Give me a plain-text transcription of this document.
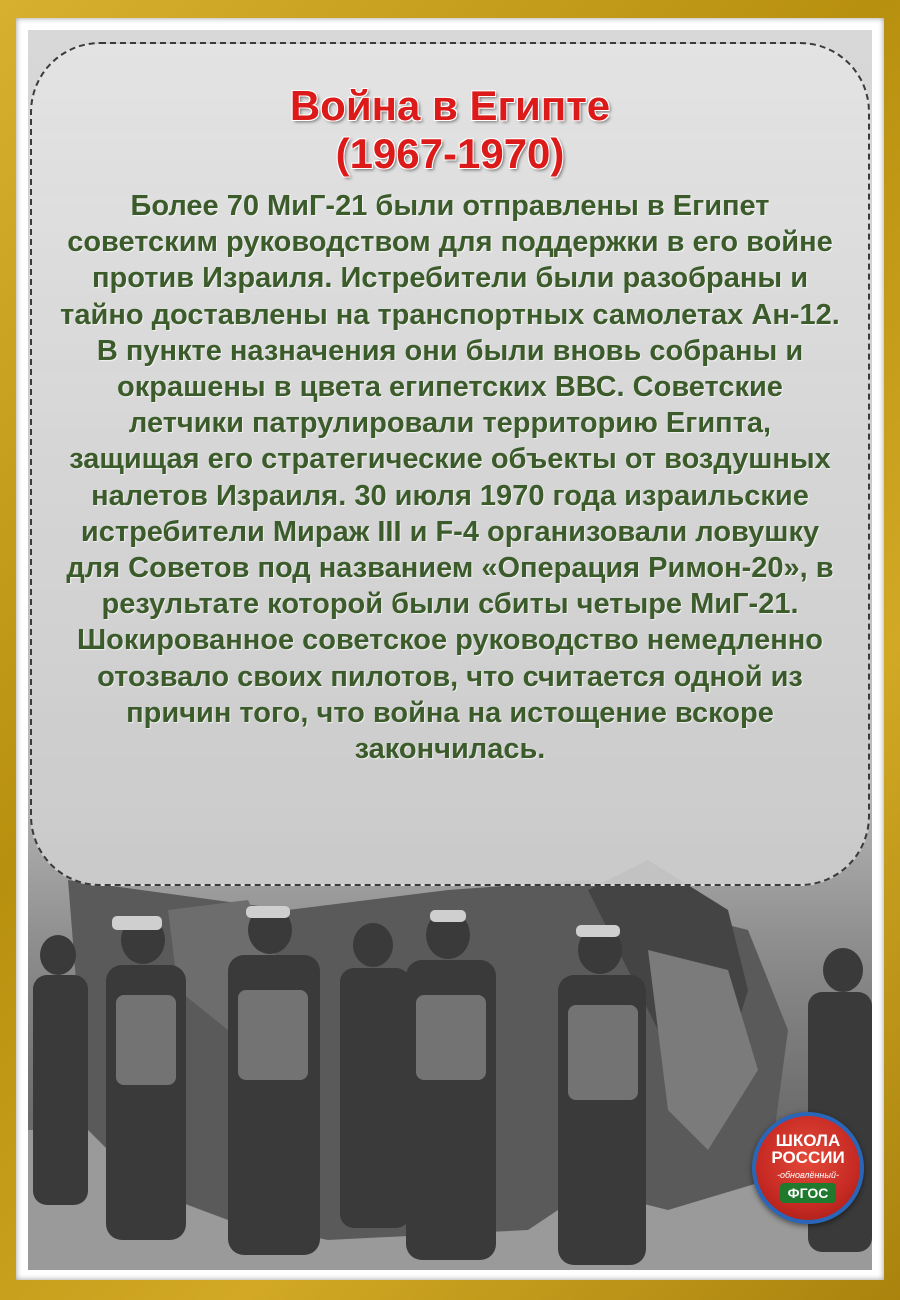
Война в Египте
(1967-1970)

Более 70 МиГ-21 были отправлены в Египет советским руководством для поддержки в его войне против Израиля. Истребители были разобраны и тайно доставлены на транспортных самолетах Ан-12. В пункте назначения они были вновь собраны и окрашены в цвета египетских ВВС. Советские летчики патрулировали территорию Египта, защищая его стратегические объекты от воздушных налетов Израиля. 30 июля 1970 года израильские истребители Мираж III и F-4 организовали ловушку для Советов под названием «Операция Римон-20», в результате которой были сбиты четыре МиГ-21. Шокированное советское руководство немедленно отозвало своих пилотов, что считается одной из причин того, что война на истощение вскоре закончилась.

ШКОЛА
РОССИИ
-обновлённый-
ФГОС
